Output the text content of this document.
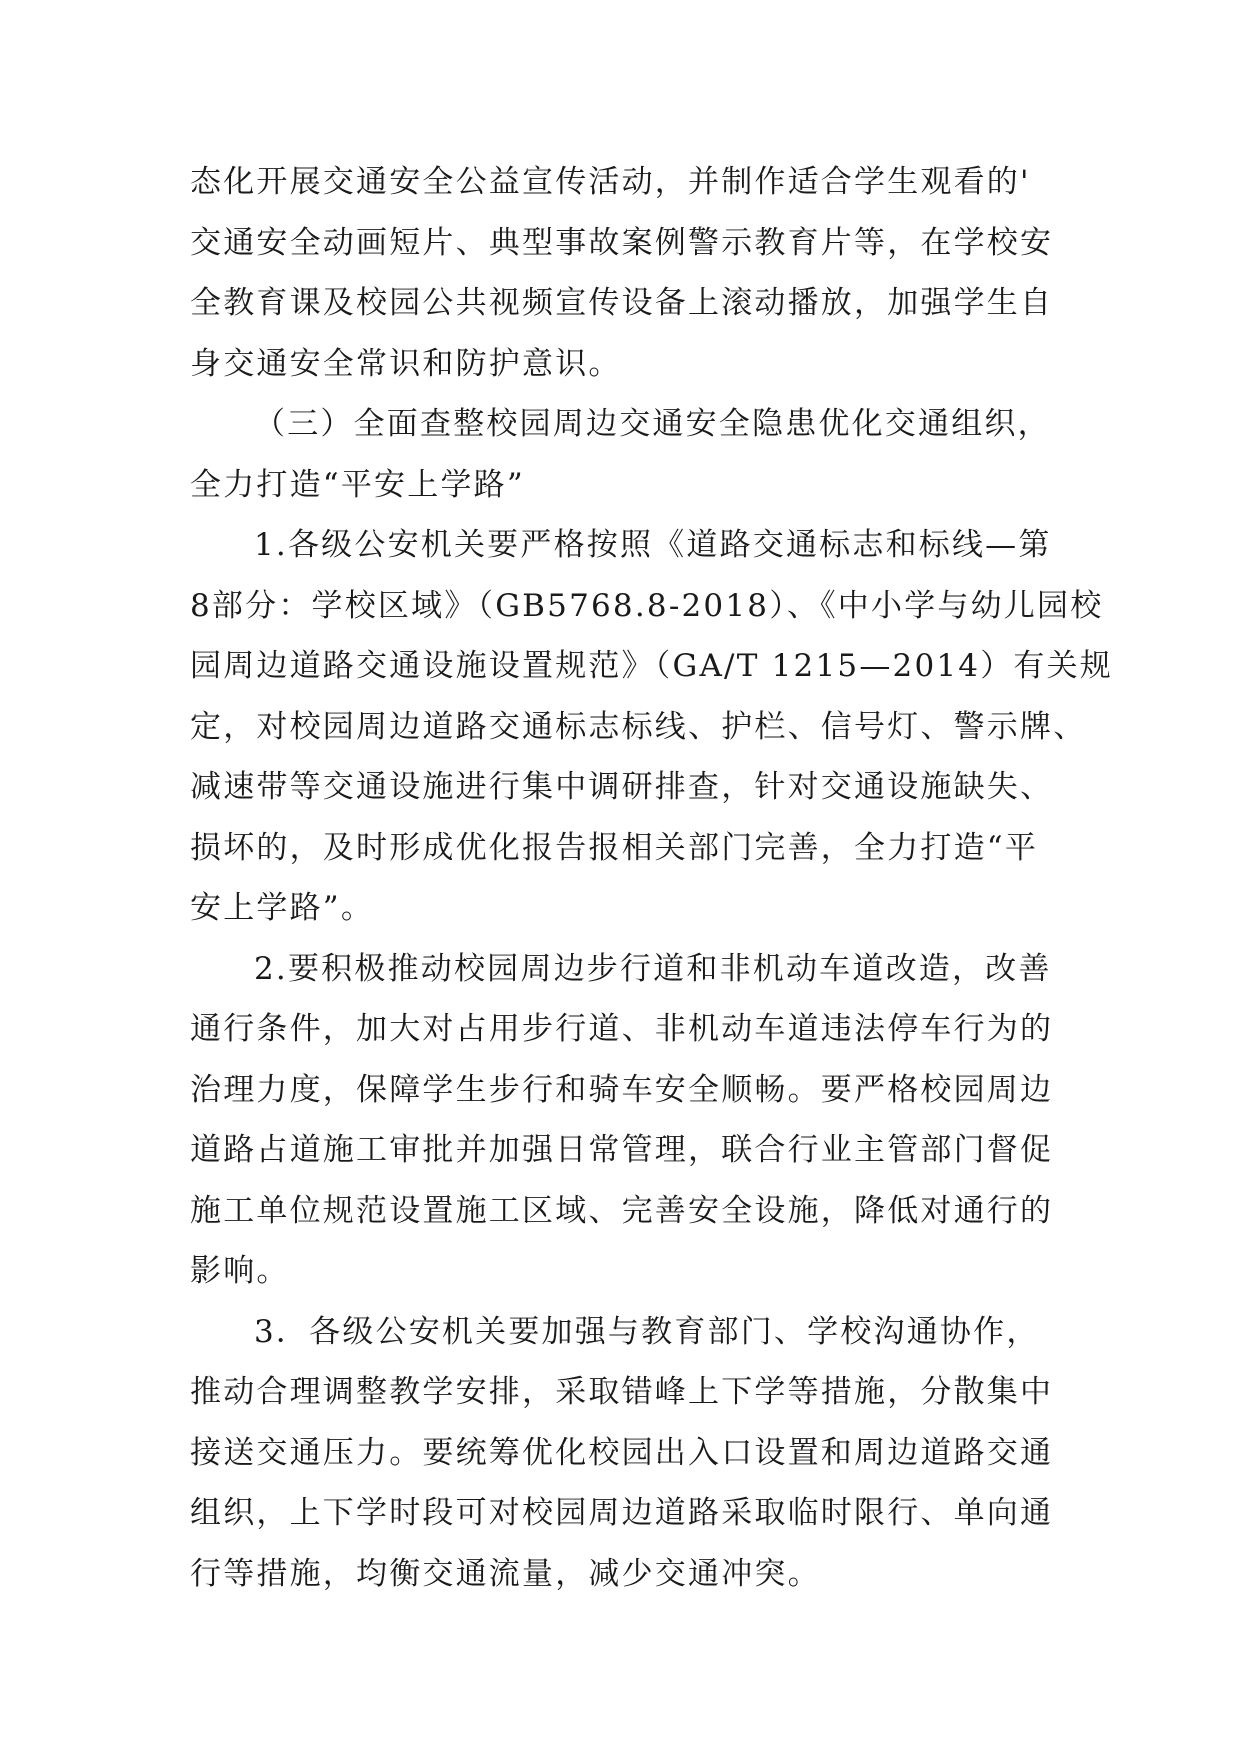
态化开展交通安全公益宣传活动，并制作适合学生观看的'
交通安全动画短片、典型事故案例警示教育片等，在学校安
全教育课及校园公共视频宣传设备上滚动播放，加强学生自
身交通安全常识和防护意识。
（三）全面查整校园周边交通安全隐患优化交通组织，
全力打造“平安上学路”
1.各级公安机关要严格按照《道路交通标志和标线—第
8部分：学校区域》（GB5768.8-2018）、《中小学与幼儿园校
园周边道路交通设施设置规范》（GA/T 1215—2014）有关规
定，对校园周边道路交通标志标线、护栏、信号灯、警示牌、
减速带等交通设施进行集中调研排查，针对交通设施缺失、
损坏的，及时形成优化报告报相关部门完善，全力打造“平
安上学路”。
2.要积极推动校园周边步行道和非机动车道改造，改善
通行条件，加大对占用步行道、非机动车道违法停车行为的
治理力度，保障学生步行和骑车安全顺畅。要严格校园周边
道路占道施工审批并加强日常管理，联合行业主管部门督促
施工单位规范设置施工区域、完善安全设施，降低对通行的
影响。
3．各级公安机关要加强与教育部门、学校沟通协作，
推动合理调整教学安排，采取错峰上下学等措施，分散集中
接送交通压力。要统筹优化校园出入口设置和周边道路交通
组织，上下学时段可对校园周边道路采取临时限行、单向通
行等措施，均衡交通流量，减少交通冲突。
